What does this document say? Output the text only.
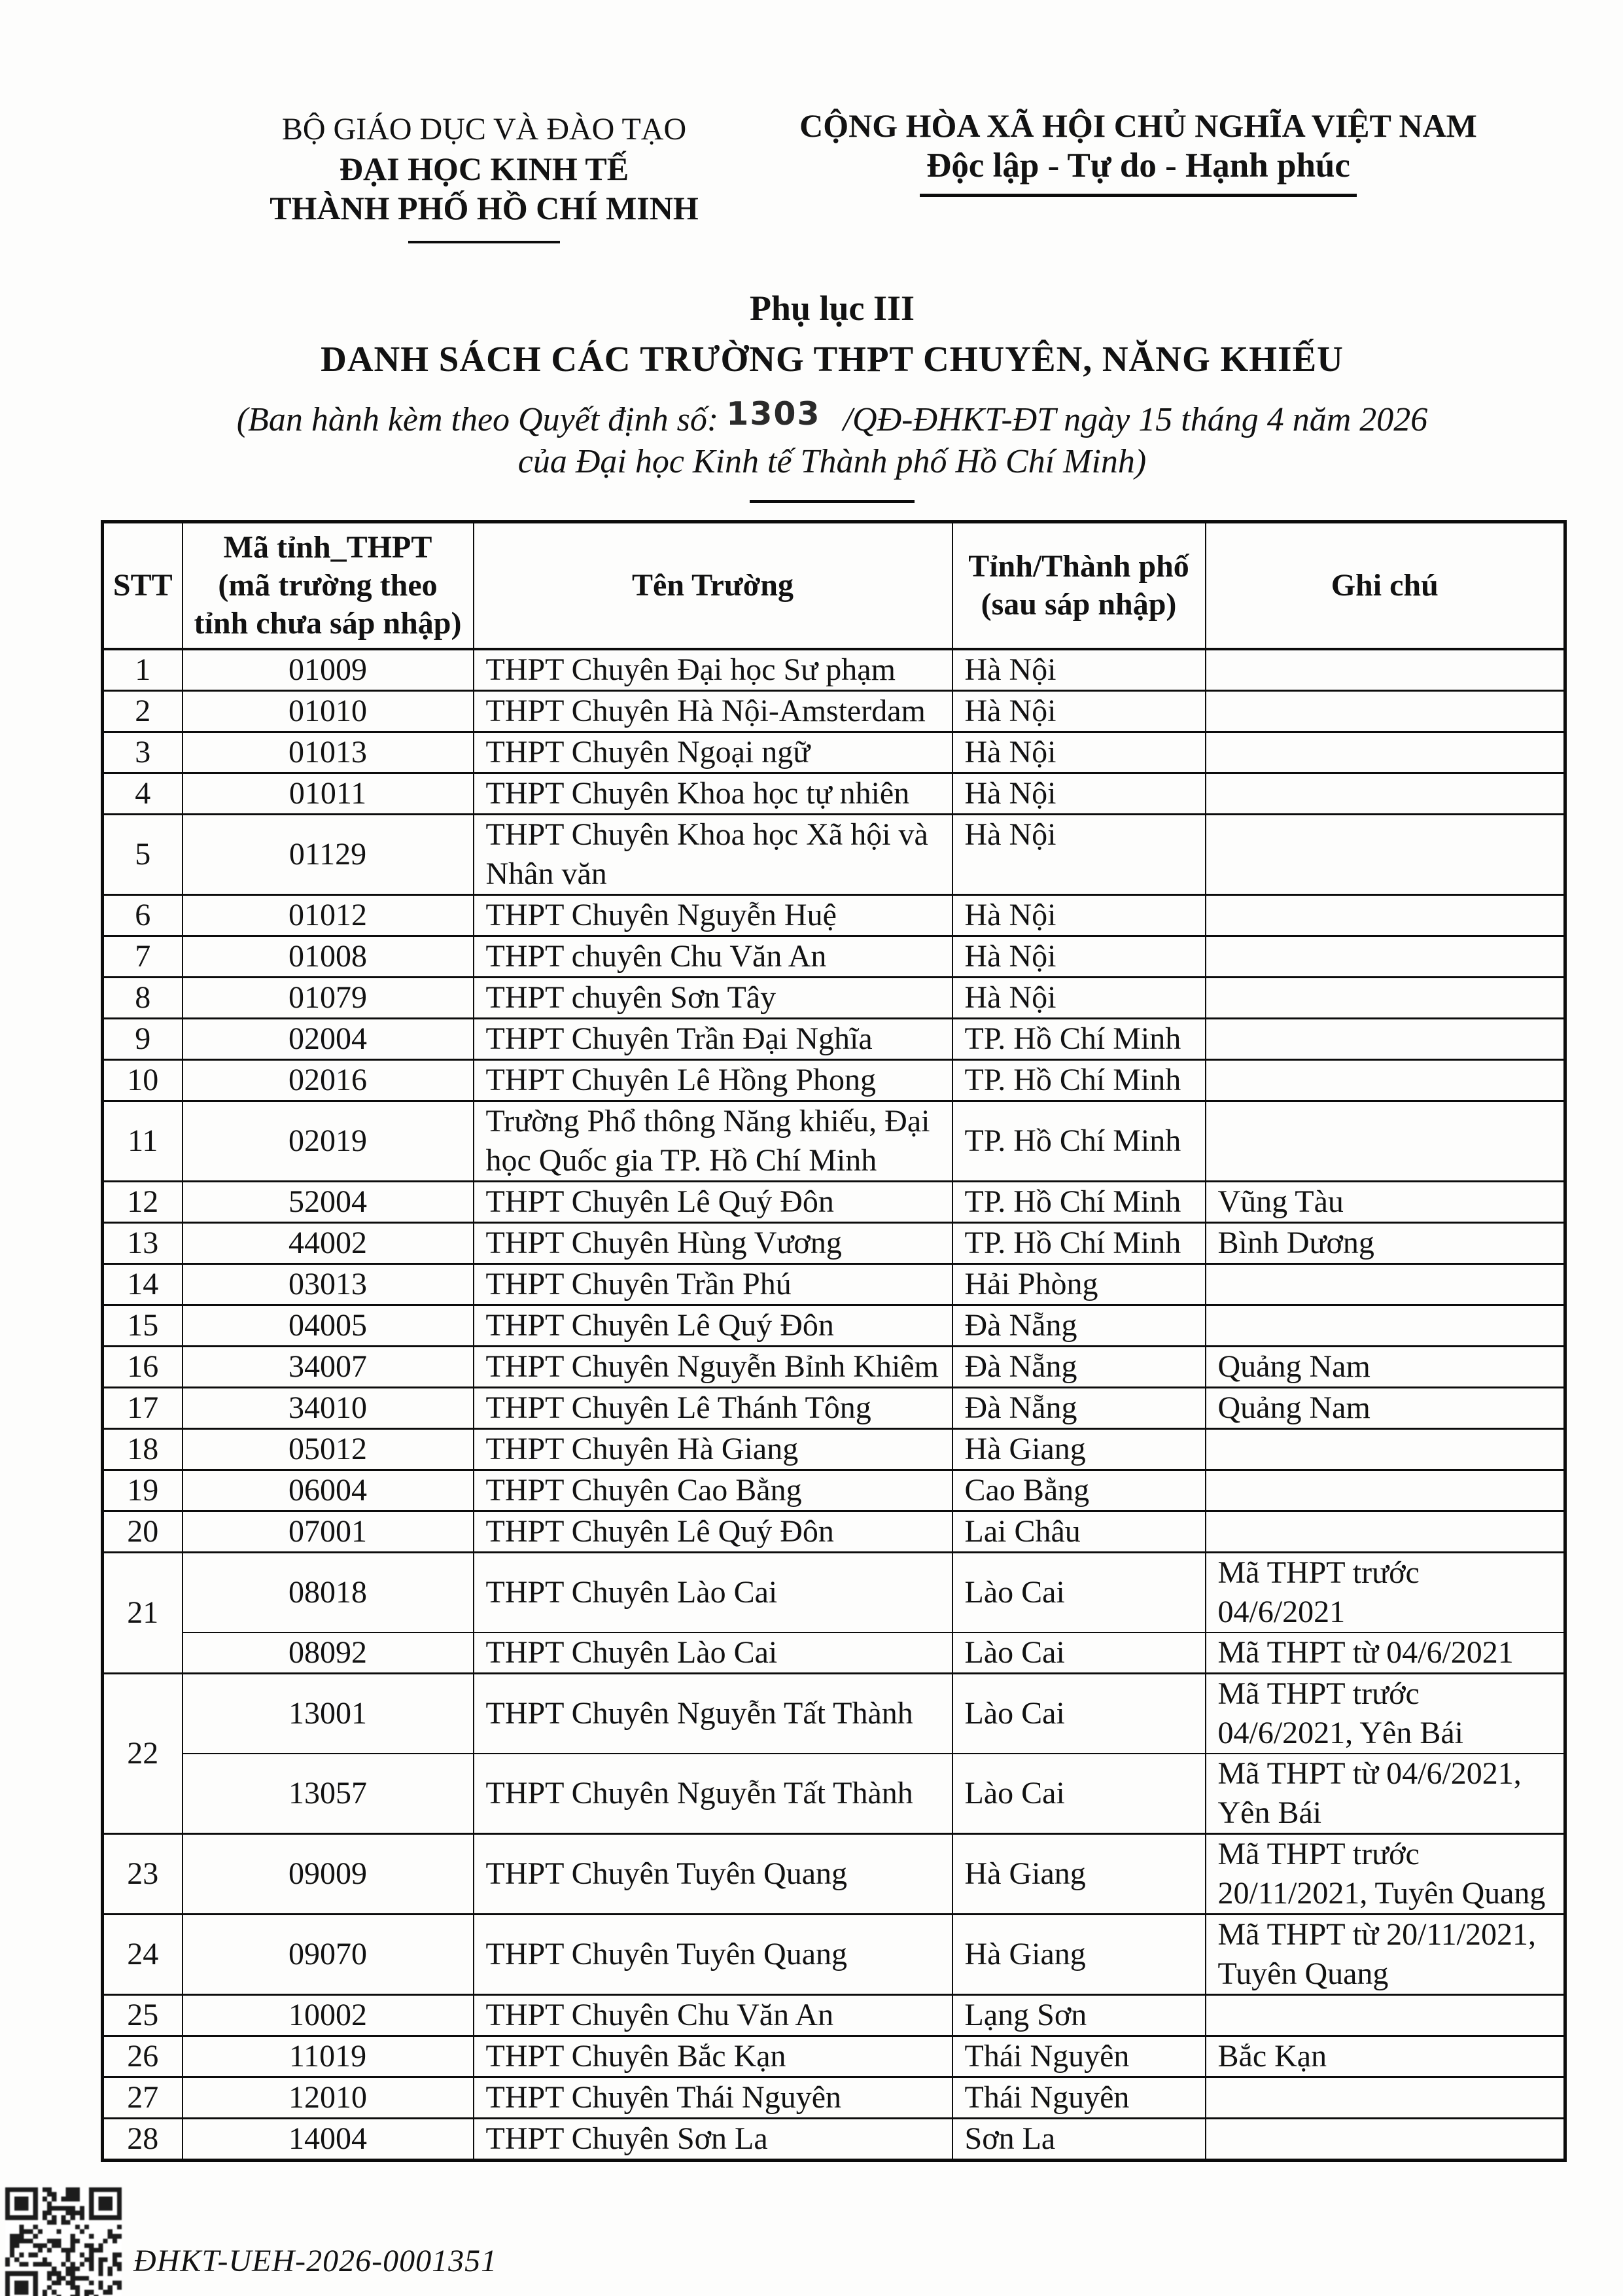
BỘ GIÁO DỤC VÀ ĐÀO TẠO
ĐẠI HỌC KINH TẾ
THÀNH PHỐ HỒ CHÍ MINH
CỘNG HÒA XÃ HỘI CHỦ NGHĨA VIỆT NAM
Độc lập - Tự do - Hạnh phúc
Phụ lục III
DANH SÁCH CÁC TRƯỜNG THPT CHUYÊN, NĂNG KHIẾU
(Ban hành kèm theo Quyết định số: 1303 /QĐ-ĐHKT-ĐT ngày 15 tháng 4 năm 2026
của Đại học Kinh tế Thành phố Hồ Chí Minh)
STT	Mã tỉnh_THPT
(mã trường theo
tỉnh chưa sáp nhập)	Tên Trường	Tỉnh/Thành phố
(sau sáp nhập)	Ghi chú
1	01009	THPT Chuyên Đại học Sư phạm	Hà Nội	
2	01010	THPT Chuyên Hà Nội-Amsterdam	Hà Nội	
3	01013	THPT Chuyên Ngoại ngữ	Hà Nội	
4	01011	THPT Chuyên Khoa học tự nhiên	Hà Nội	
5	01129	THPT Chuyên Khoa học Xã hội và Nhân văn	Hà Nội	
6	01012	THPT Chuyên Nguyễn Huệ	Hà Nội	
7	01008	THPT chuyên Chu Văn An	Hà Nội	
8	01079	THPT chuyên Sơn Tây	Hà Nội	
9	02004	THPT Chuyên Trần Đại Nghĩa	TP. Hồ Chí Minh	
10	02016	THPT Chuyên Lê Hồng Phong	TP. Hồ Chí Minh	
11	02019	Trường Phổ thông Năng khiếu, Đại học Quốc gia TP. Hồ Chí Minh	TP. Hồ Chí Minh	
12	52004	THPT Chuyên Lê Quý Đôn	TP. Hồ Chí Minh	Vũng Tàu
13	44002	THPT Chuyên Hùng Vương	TP. Hồ Chí Minh	Bình Dương
14	03013	THPT Chuyên Trần Phú	Hải Phòng	
15	04005	THPT Chuyên Lê Quý Đôn	Đà Nẵng	
16	34007	THPT Chuyên Nguyễn Bỉnh Khiêm	Đà Nẵng	Quảng Nam
17	34010	THPT Chuyên Lê Thánh Tông	Đà Nẵng	Quảng Nam
18	05012	THPT Chuyên Hà Giang	Hà Giang	
19	06004	THPT Chuyên Cao Bằng	Cao Bằng	
20	07001	THPT Chuyên Lê Quý Đôn	Lai Châu	
21	08018	THPT Chuyên Lào Cai	Lào Cai	Mã THPT trước 04/6/2021
	08092	THPT Chuyên Lào Cai	Lào Cai	Mã THPT từ 04/6/2021
22	13001	THPT Chuyên Nguyễn Tất Thành	Lào Cai	Mã THPT trước 04/6/2021, Yên Bái
	13057	THPT Chuyên Nguyễn Tất Thành	Lào Cai	Mã THPT từ 04/6/2021, Yên Bái
23	09009	THPT Chuyên Tuyên Quang	Hà Giang	Mã THPT trước 20/11/2021, Tuyên Quang
24	09070	THPT Chuyên Tuyên Quang	Hà Giang	Mã THPT từ 20/11/2021, Tuyên Quang
25	10002	THPT Chuyên Chu Văn An	Lạng Sơn	
26	11019	THPT Chuyên Bắc Kạn	Thái Nguyên	Bắc Kạn
27	12010	THPT Chuyên Thái Nguyên	Thái Nguyên	
28	14004	THPT Chuyên Sơn La	Sơn La	
ĐHKT-UEH-2026-0001351
